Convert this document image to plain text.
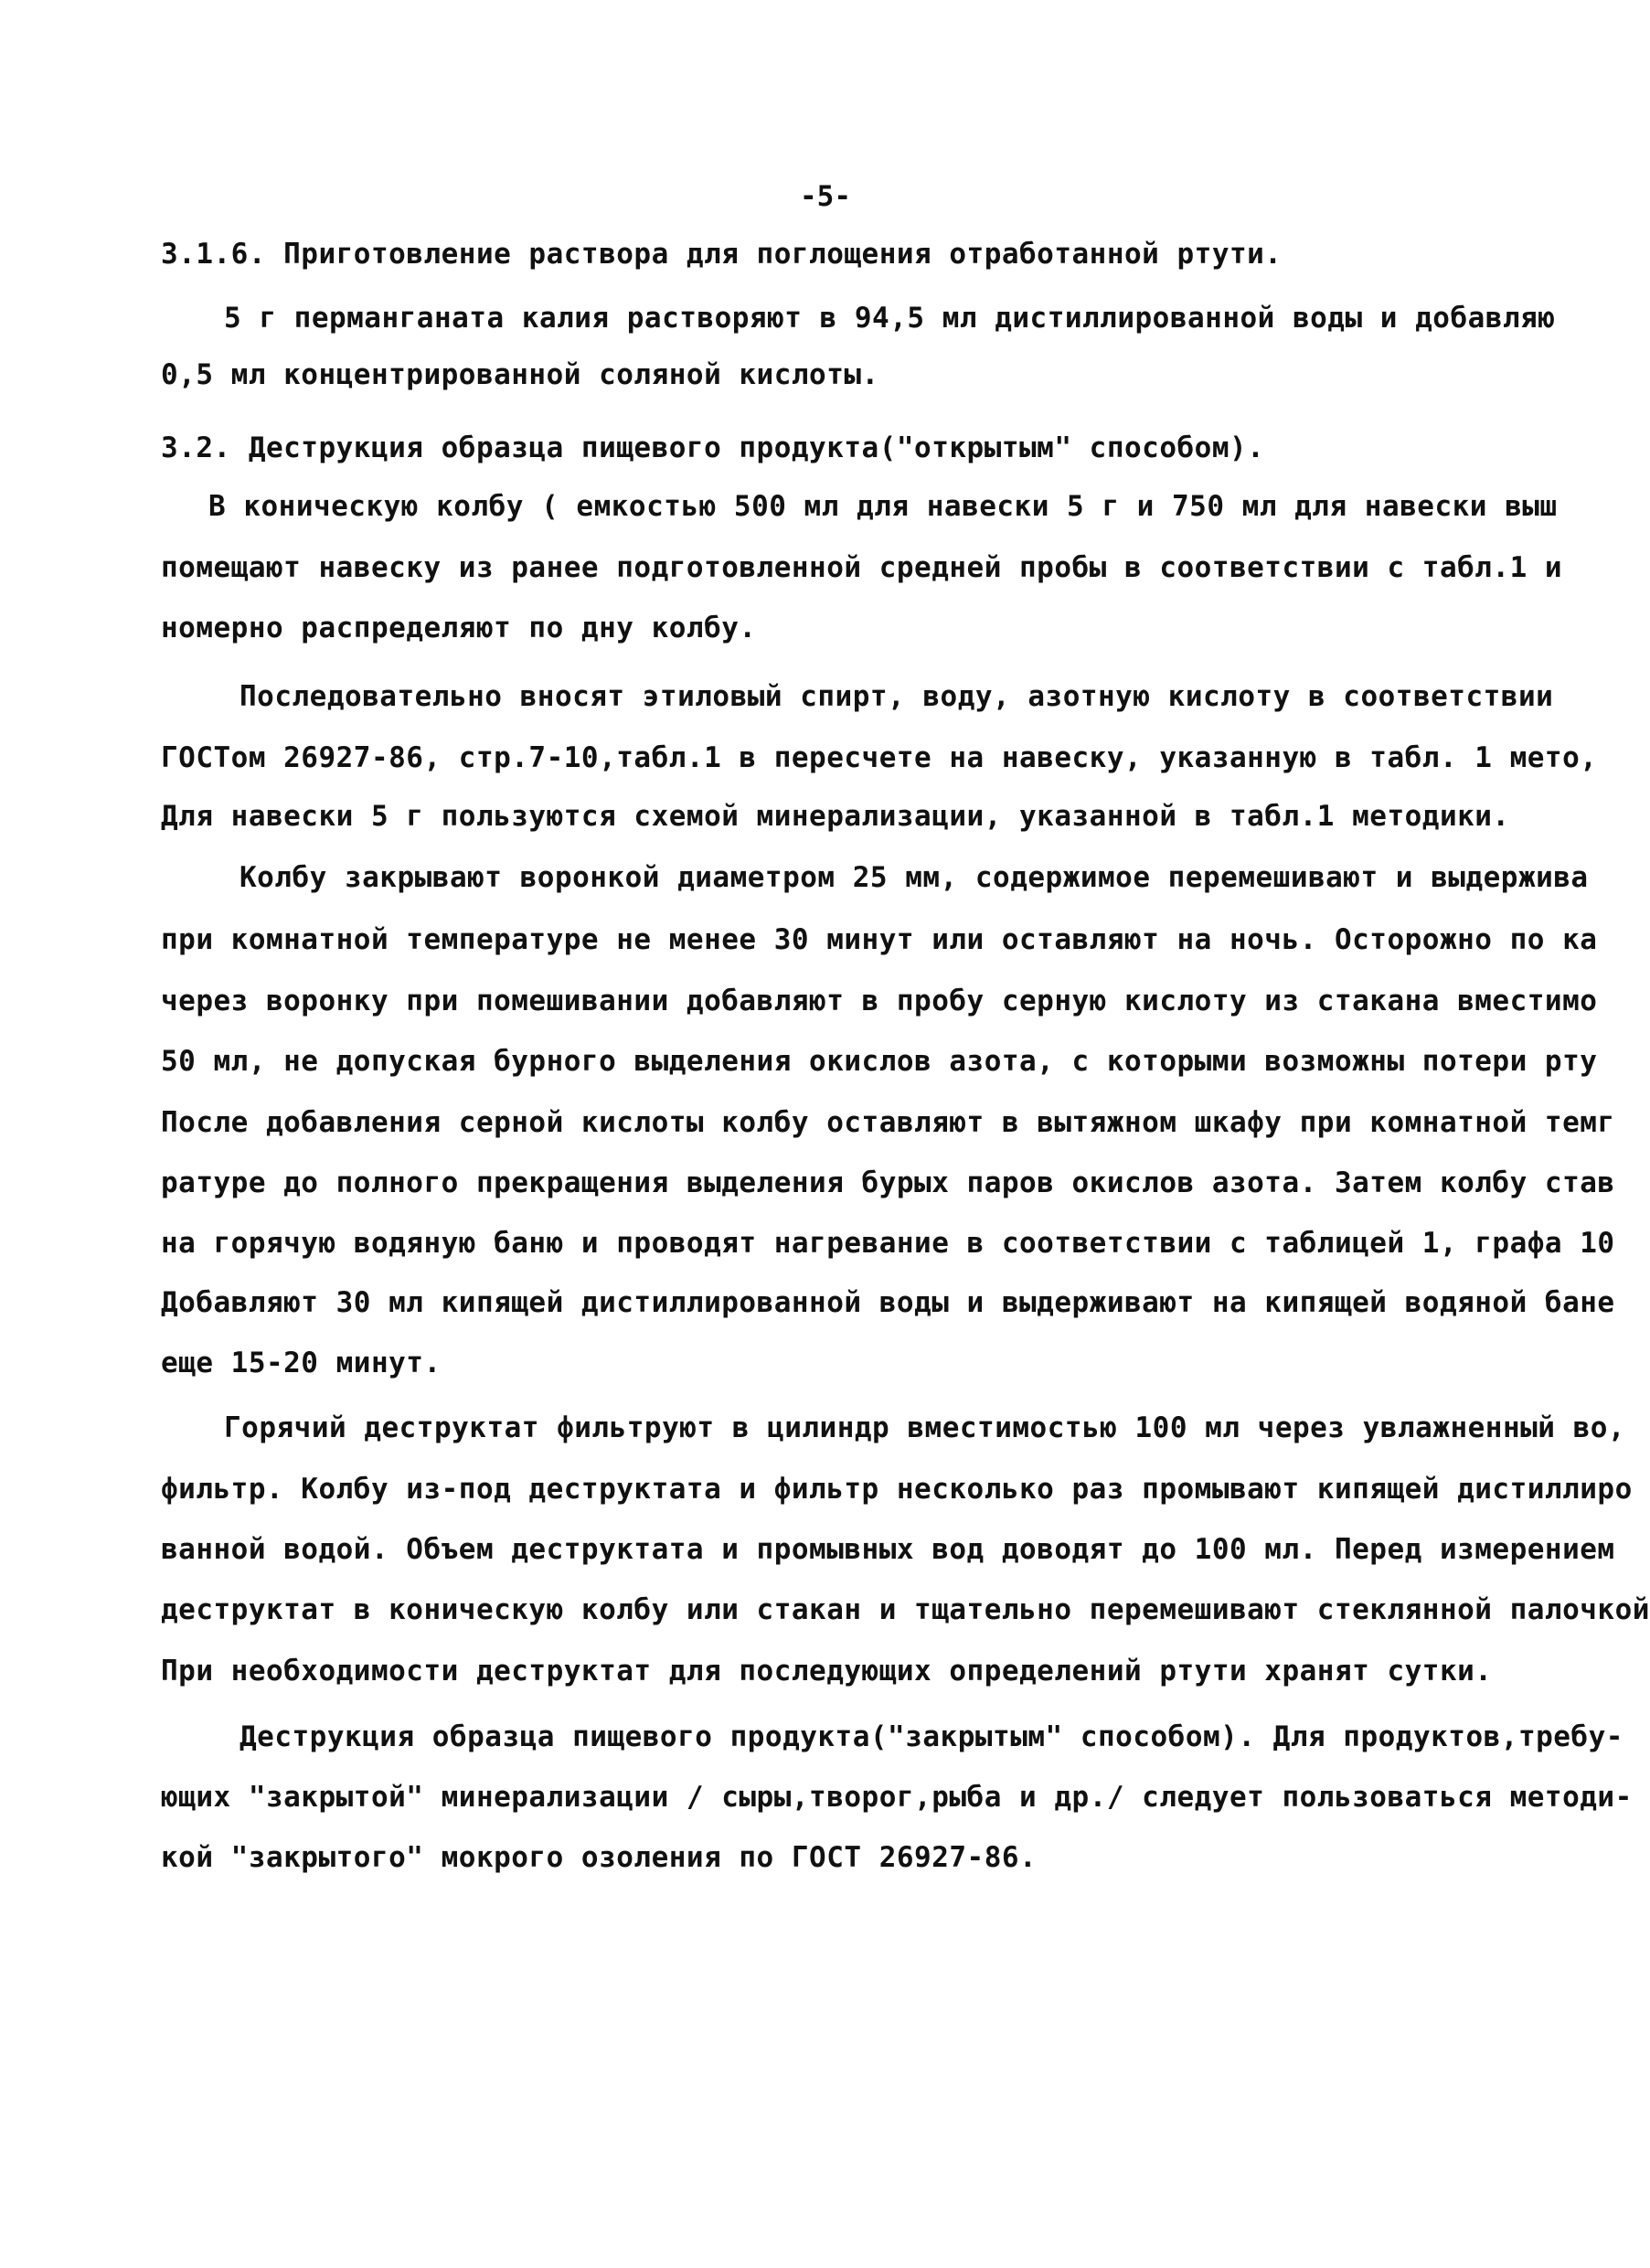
-5-
3.1.6. Приготовление раствора для поглощения отработанной ртути.
5 г перманганата калия растворяют в 94,5 мл дистиллированной воды и добавляю
0,5 мл концентрированной соляной кислоты.
3.2. Деструкция образца пищевого продукта("открытым" способом).
В коническую колбу ( емкостью 500 мл для навески 5 г и 750 мл для навески выш
помещают навеску из ранее подготовленной средней пробы в соответствии с табл.1 и
номерно распределяют по дну колбу.
Последовательно вносят этиловый спирт, воду, азотную кислоту в соответствии
ГОСТом 26927-86, стр.7-10,табл.1 в пересчете на навеску, указанную в табл. 1 мето,
Для навески 5 г пользуются схемой минерализации, указанной в табл.1 методики.
Колбу закрывают воронкой диаметром 25 мм, содержимое перемешивают и выдержива
при комнатной температуре не менее 30 минут или оставляют на ночь. Осторожно по ка
через воронку при помешивании добавляют в пробу серную кислоту из стакана вместимо
50 мл, не допуская бурного выделения окислов азота, с которыми возможны потери рту
После добавления серной кислоты колбу оставляют в вытяжном шкафу при комнатной темг
ратуре до полного прекращения выделения бурых паров окислов азота. Затем колбу став
на горячую водяную баню и проводят нагревание в соответствии с таблицей 1, графа 10
Добавляют 30 мл кипящей дистиллированной воды и выдерживают на кипящей водяной бане
еще 15-20 минут.
Горячий деструктат фильтруют в цилиндр вместимостью 100 мл через увлажненный во,
фильтр. Колбу из-под деструктата и фильтр несколько раз промывают кипящей дистиллиро
ванной водой. Объем деструктата и промывных вод доводят до 100 мл. Перед измерением
деструктат в коническую колбу или стакан и тщательно перемешивают стеклянной палочкой
При необходимости деструктат для последующих определений ртути хранят сутки.
Деструкция образца пищевого продукта("закрытым" способом). Для продуктов,требу-
ющих "закрытой" минерализации / сыры,творог,рыба и др./ следует пользоваться методи-
кой "закрытого" мокрого озоления по ГОСТ 26927-86.
